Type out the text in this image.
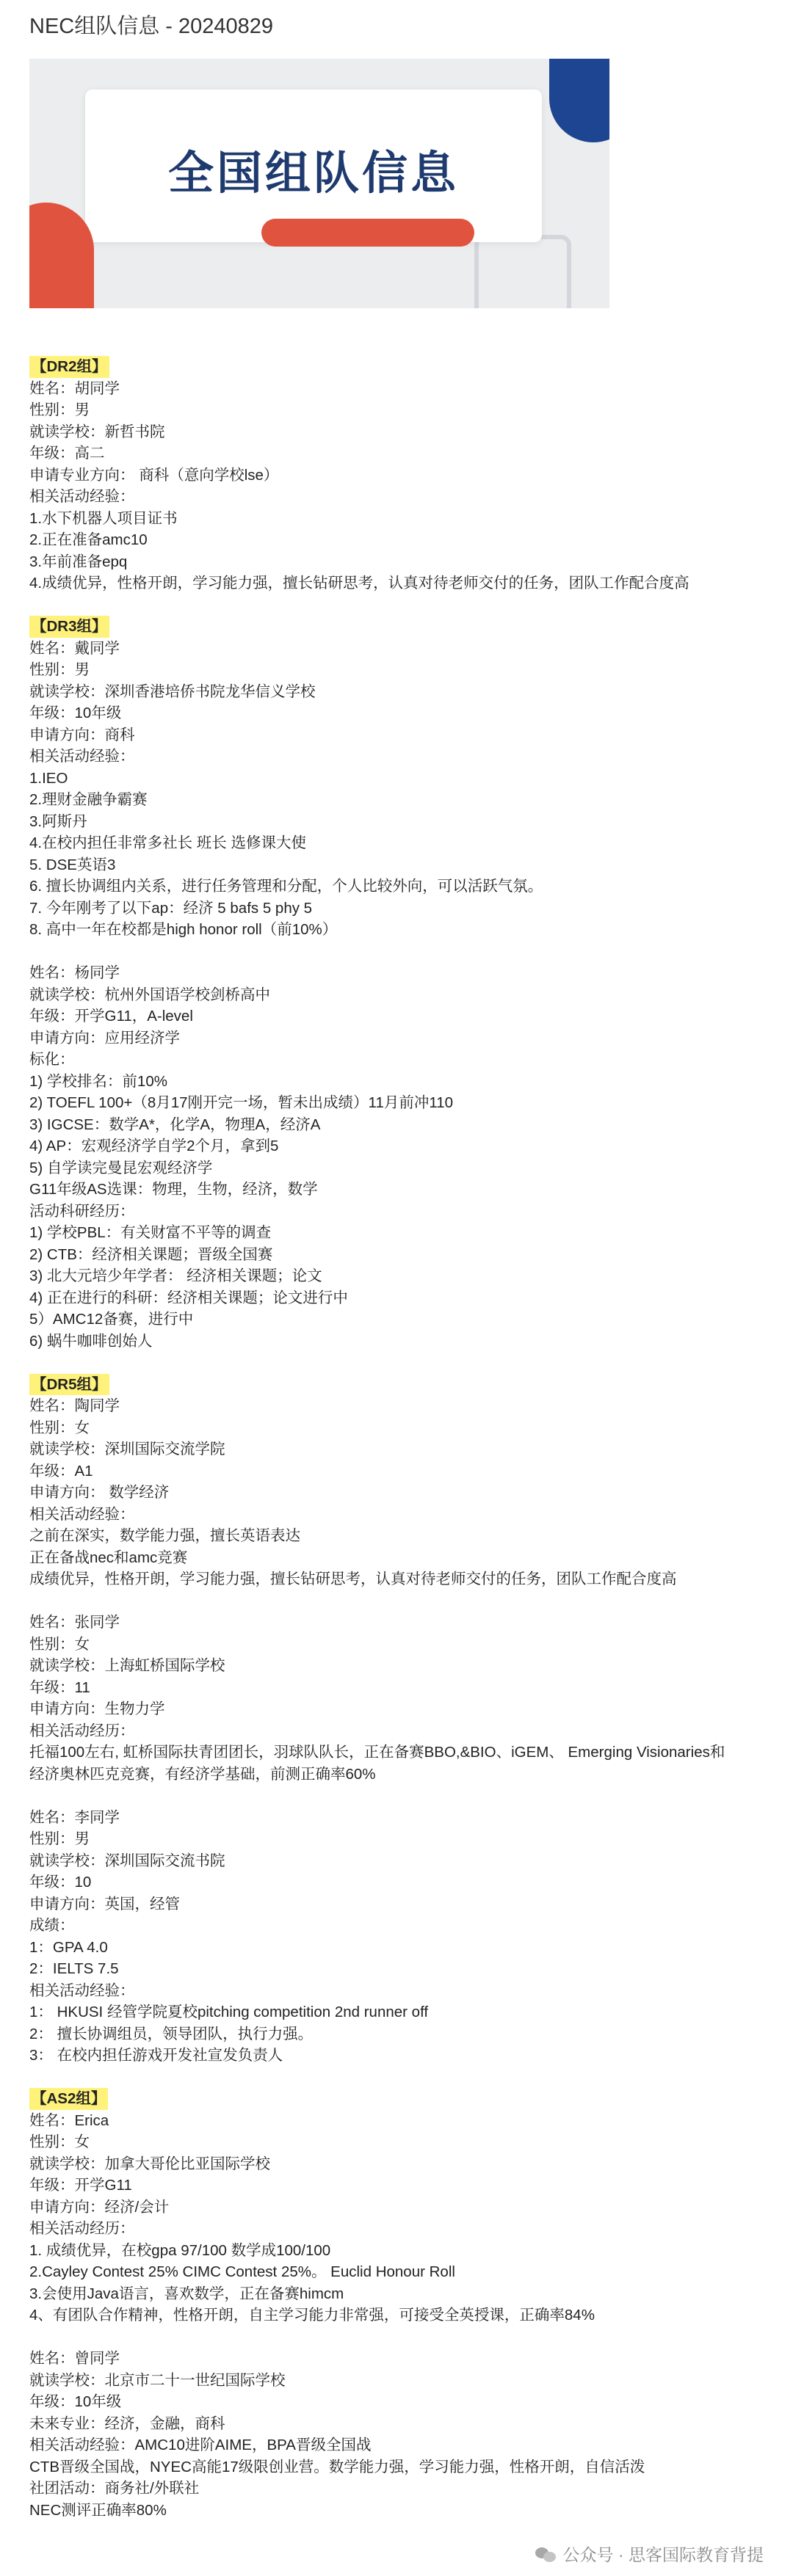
NEC组队信息 - 20240829
全国组队信息
【DR2组】
姓名：胡同学
性别：男
就读学校：新哲书院
年级：高二
申请专业方向： 商科（意向学校lse）
相关活动经验：
1.水下机器人项目证书
2.正在准备amc10
3.年前准备epq
4.成绩优异，性格开朗，学习能力强，擅长钻研思考，认真对待老师交付的任务，团队工作配合度高
【DR3组】
姓名：戴同学
性别：男
就读学校：深圳香港培侨书院龙华信义学校
年级：10年级
申请方向：商科
相关活动经验：
1.IEO
2.理财金融争霸赛
3.阿斯丹
4.在校内担任非常多社长 班长 选修课大使
5. DSE英语3
6. 擅长协调组内关系，进行任务管理和分配，个人比较外向，可以活跃气氛。
7. 今年刚考了以下ap：经济 5 bafs 5 phy 5
8. 高中一年在校都是high honor roll（前10%）
姓名：杨同学
就读学校：杭州外国语学校剑桥高中
年级：开学G11，A-level
申请方向：应用经济学
标化：
1) 学校排名：前10%
2) TOEFL 100+（8月17刚开完一场，暂未出成绩）11月前冲110
3) IGCSE：数学A*，化学A，物理A，经济A
4) AP：宏观经济学自学2个月，拿到5
5) 自学读完曼昆宏观经济学
G11年级AS选课：物理，生物，经济，数学
活动科研经历：
1) 学校PBL：有关财富不平等的调查
2) CTB：经济相关课题；晋级全国赛
3) 北大元培少年学者： 经济相关课题；论文
4) 正在进行的科研：经济相关课题；论文进行中
5）AMC12备赛，进行中
6) 蜗牛咖啡创始人
【DR5组】
姓名：陶同学
性别：女
就读学校：深圳国际交流学院
年级：A1
申请方向： 数学经济
相关活动经验：
之前在深实，数学能力强，擅长英语表达
正在备战nec和amc竞赛
成绩优异，性格开朗，学习能力强，擅长钻研思考，认真对待老师交付的任务，团队工作配合度高
姓名：张同学
性别：女
就读学校：上海虹桥国际学校
年级：11
申请方向：生物力学
相关活动经历：
托福100左右, 虹桥国际扶青团团长，羽球队队长，正在备赛BBO,&BIO、iGEM、 Emerging Visionaries和
经济奥林匹克竞赛，有经济学基础，前测正确率60%
姓名：李同学
性别：男
就读学校：深圳国际交流书院
年级：10
申请方向：英国，经管
成绩：
1：GPA 4.0
2：IELTS 7.5
相关活动经验：
1： HKUSI 经管学院夏校pitching competition 2nd runner off
2： 擅长协调组员，领导团队，执行力强。
3： 在校内担任游戏开发社宣发负责人
【AS2组】
姓名：Erica
性别：女
就读学校：加拿大哥伦比亚国际学校
年级：开学G11
申请方向：经济/会计
相关活动经历：
1. 成绩优异，在校gpa 97/100 数学成100/100
2.Cayley Contest 25% CIMC Contest 25%。 Euclid Honour Roll
3.会使用Java语言，喜欢数学，正在备赛himcm
4、有团队合作精神，性格开朗，自主学习能力非常强，可接受全英授课，正确率84%
姓名：曾同学
就读学校：北京市二十一世纪国际学校
年级：10年级
未来专业：经济，金融，商科
相关活动经验：AMC10进阶AIME，BPA晋级全国战
CTB晋级全国战，NYEC高能17级限创业营。数学能力强，学习能力强，性格开朗，自信活泼
社团活动：商务社/外联社
NEC测评正确率80%
公众号 · 思客国际教育背提
